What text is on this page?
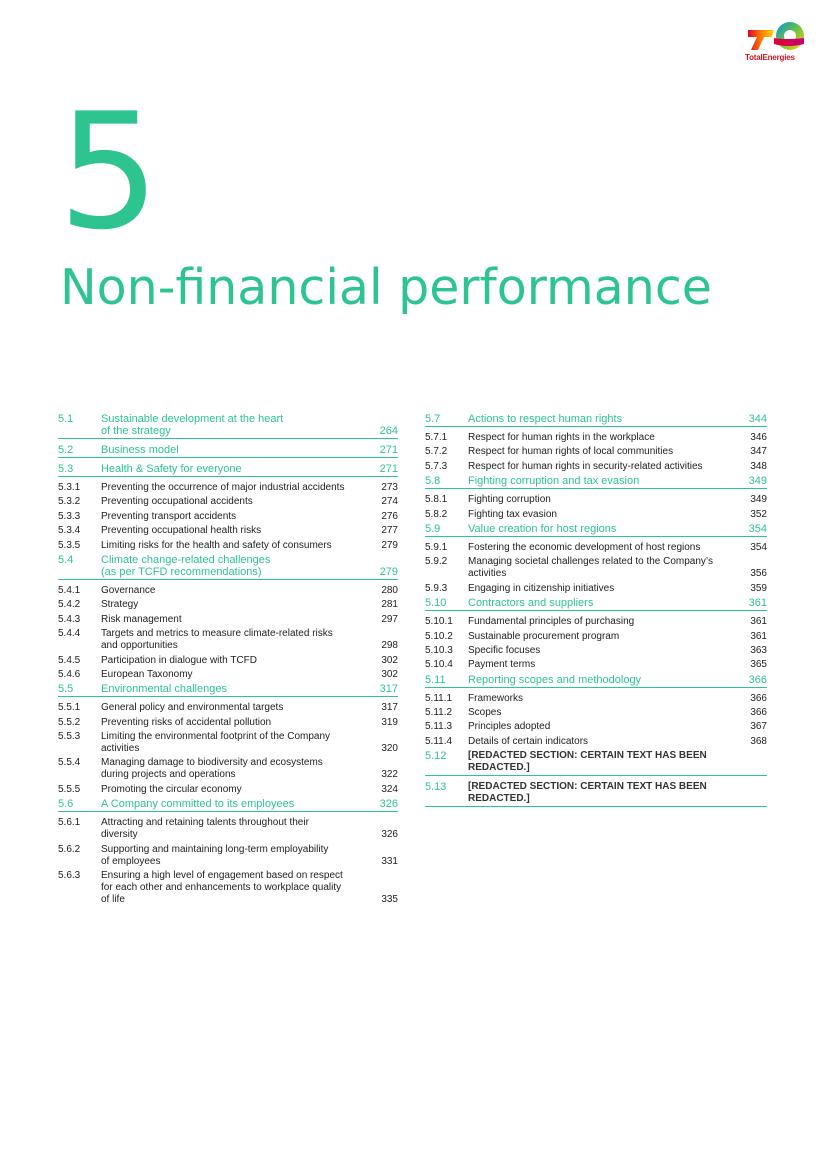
TotalEnergies
5
Non-financial performance
5.1	Sustainable development at the heart
of the strategy	264
5.2	Business model	271
5.3	Health & Safety for everyone	271
5.3.1	Preventing the occurrence of major industrial accidents	273
5.3.2	Preventing occupational accidents	274
5.3.3	Preventing transport accidents	276
5.3.4	Preventing occupational health risks	277
5.3.5	Limiting risks for the health and safety of consumers	279
5.4	Climate change-related challenges
(as per TCFD recommendations)	279
5.4.1	Governance	280
5.4.2	Strategy	281
5.4.3	Risk management	297
5.4.4	Targets and metrics to measure climate-related risks
and opportunities	298
5.4.5	Participation in dialogue with TCFD	302
5.4.6	European Taxonomy	302
5.5	Environmental challenges	317
5.5.1	General policy and environmental targets	317
5.5.2	Preventing risks of accidental pollution	319
5.5.3	Limiting the environmental footprint of the Company
activities	320
5.5.4	Managing damage to biodiversity and ecosystems
during projects and operations	322
5.5.5	Promoting the circular economy	324
5.6	A Company committed to its employees	326
5.6.1	Attracting and retaining talents throughout their
diversity	326
5.6.2	Supporting and maintaining long-term employability
of employees	331
5.6.3	Ensuring a high level of engagement based on respect
for each other and enhancements to workplace quality
of life	335
5.7	Actions to respect human rights	344
5.7.1	Respect for human rights in the workplace	346
5.7.2	Respect for human rights of local communities	347
5.7.3	Respect for human rights in security-related activities	348
5.8	Fighting corruption and tax evasion	349
5.8.1	Fighting corruption	349
5.8.2	Fighting tax evasion	352
5.9	Value creation for host regions	354
5.9.1	Fostering the economic development of host regions	354
5.9.2	Managing societal challenges related to the Company’s
activities	356
5.9.3	Engaging in citizenship initiatives	359
5.10	Contractors and suppliers	361
5.10.1	Fundamental principles of purchasing	361
5.10.2	Sustainable procurement program	361
5.10.3	Specific focuses	363
5.10.4	Payment terms	365
5.11	Reporting scopes and methodology	366
5.11.1	Frameworks	366
5.11.2	Scopes	366
5.11.3	Principles adopted	367
5.11.4	Details of certain indicators	368
5.12	[REDACTED SECTION: CERTAIN TEXT HAS BEEN REDACTED.]
5.13	[REDACTED SECTION: CERTAIN TEXT HAS BEEN REDACTED.]
